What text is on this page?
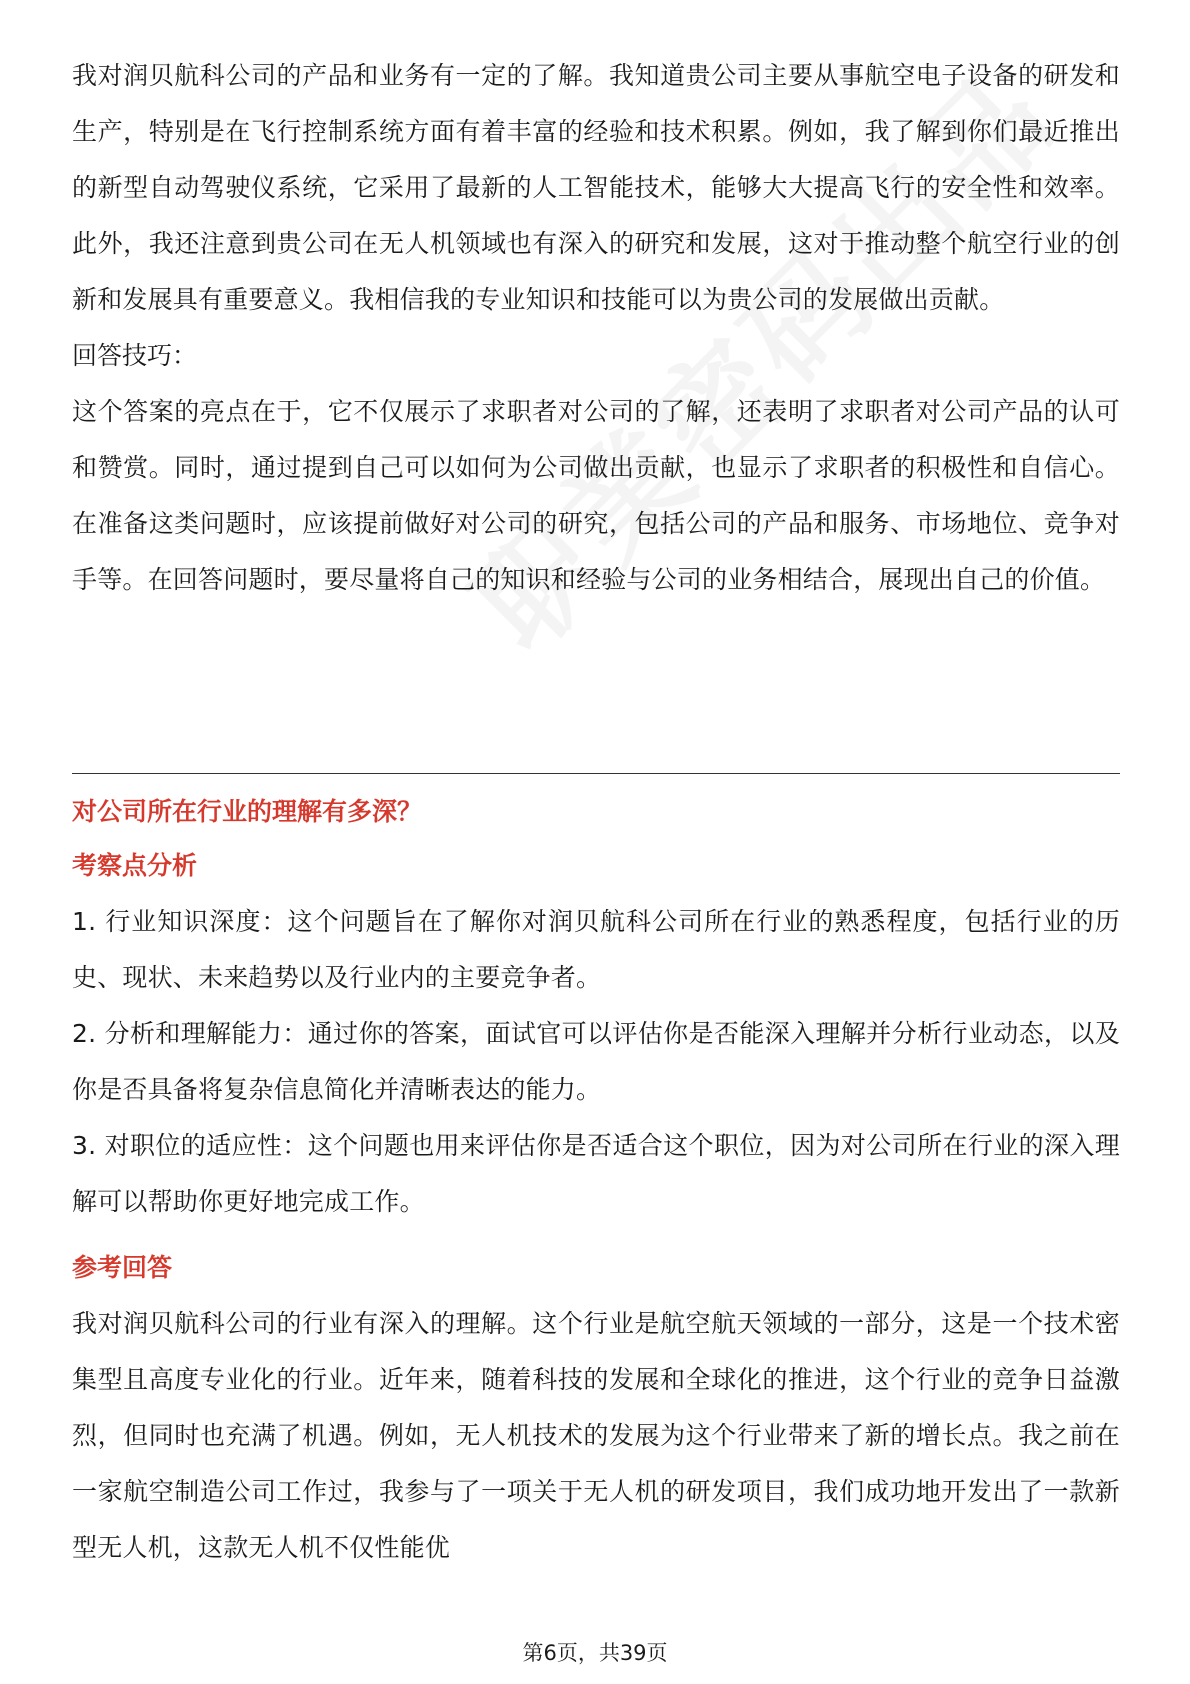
我对润贝航科公司的产品和业务有一定的了解。我知道贵公司主要从事航空电子设备的研发和生产，特别是在飞行控制系统方面有着丰富的经验和技术积累。例如，我了解到你们最近推出的新型自动驾驶仪系统，它采用了最新的人工智能技术，能够大大提高飞行的安全性和效率。此外，我还注意到贵公司在无人机领域也有深入的研究和发展，这对于推动整个航空行业的创新和发展具有重要意义。我相信我的专业知识和技能可以为贵公司的发展做出贡献。

回答技巧：

这个答案的亮点在于，它不仅展示了求职者对公司的了解，还表明了求职者对公司产品的认可和赞赏。同时，通过提到自己可以如何为公司做出贡献，也显示了求职者的积极性和自信心。在准备这类问题时，应该提前做好对公司的研究，包括公司的产品和服务、市场地位、竞争对手等。在回答问题时，要尽量将自己的知识和经验与公司的业务相结合，展现出自己的价值。

对公司所在行业的理解有多深？

考察点分析

1. 行业知识深度：这个问题旨在了解你对润贝航科公司所在行业的熟悉程度，包括行业的历史、现状、未来趋势以及行业内的主要竞争者。

2. 分析和理解能力：通过你的答案，面试官可以评估你是否能深入理解并分析行业动态，以及你是否具备将复杂信息简化并清晰表达的能力。

3. 对职位的适应性：这个问题也用来评估你是否适合这个职位，因为对公司所在行业的深入理解可以帮助你更好地完成工作。

参考回答

我对润贝航科公司的行业有深入的理解。这个行业是航空航天领域的一部分，这是一个技术密集型且高度专业化的行业。近年来，随着科技的发展和全球化的推进，这个行业的竞争日益激烈，但同时也充满了机遇。例如，无人机技术的发展为这个行业带来了新的增长点。我之前在一家航空制造公司工作过，我参与了一项关于无人机的研发项目，我们成功地开发出了一款新型无人机，这款无人机不仅性能优

第6页，共39页
